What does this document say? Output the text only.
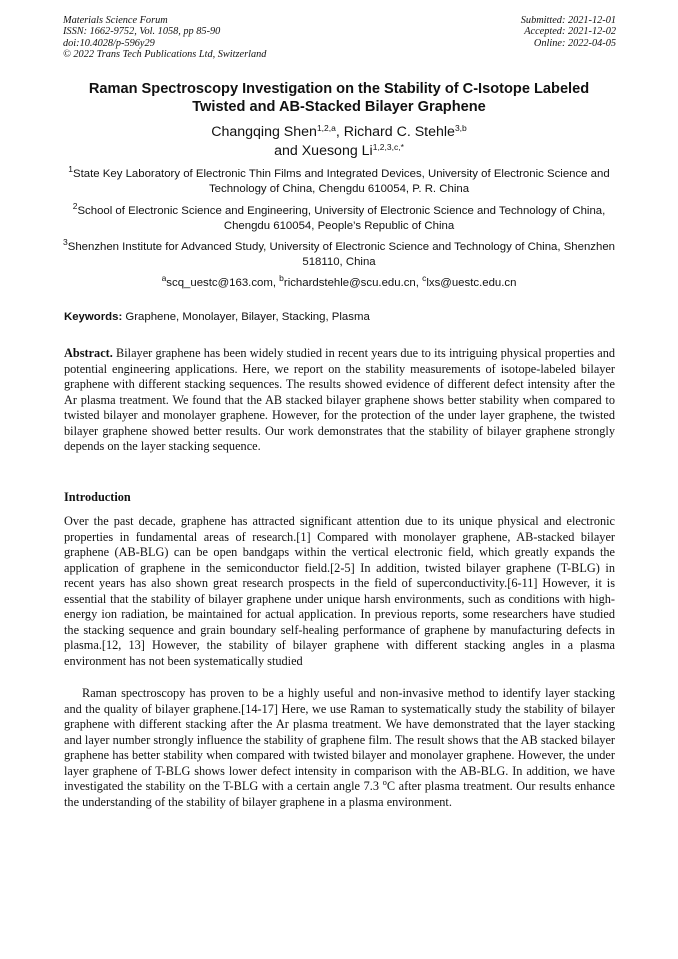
Materials Science Forum
ISSN: 1662-9752, Vol. 1058, pp 85-90
doi:10.4028/p-596y29
© 2022 Trans Tech Publications Ltd, Switzerland
Submitted: 2021-12-01
Accepted: 2021-12-02
Online: 2022-04-05
Raman Spectroscopy Investigation on the Stability of C-Isotope Labeled
Twisted and AB-Stacked Bilayer Graphene
Changqing Shen$^{1,2,a}$, Richard C. Stehle$^{3,b}$
and Xuesong $Li^{1,2,3,c,*}$
$^1$State Key Laboratory of Electronic Thin Films and Integrated Devices, University of Electronic Science and Technology of China, Chengdu 610054, P. R. China
$^2$School of Electronic Science and Engineering, University of Electronic Science and Technology of China, Chengdu 610054, People’s Republic of China
$^3$Shenzhen Institute for Advanced Study, University of Electronic Science and Technology of China, Shenzhen 518110, China
$^a$scq_uestc@163.com, $^b$richardstehle@scu.edu.cn, $^c$lxs@uestc.edu.cn
Keywords: Graphene, Monolayer, Bilayer, Stacking, Plasma
Abstract. Bilayer graphene has been widely studied in recent years due to its intriguing physical properties and potential engineering applications. Here, we report on the stability measurements of isotope-labeled bilayer graphene with different stacking sequences. The results showed evidence of different defect intensity after the Ar plasma treatment. We found that the AB stacked bilayer graphene shows better stability when compared to twisted bilayer and monolayer graphene. However, for the protection of the under layer graphene, the twisted bilayer graphene showed better results. Our work demonstrates that the stability of bilayer graphene strongly depends on the layer stacking sequence.
Introduction

Over the past decade, graphene has attracted significant attention due to its unique physical and electronic properties in fundamental areas of research.[1] Compared with monolayer graphene, AB-stacked bilayer graphene (AB-BLG) can be open bandgaps within the vertical electronic field, which greatly expands the application of graphene in the semiconductor field.[2-5] In addition, twisted bilayer graphene (T-BLG) in recent years has also shown great research prospects in the field of superconductivity.[6-11] However, it is essential that the stability of bilayer graphene under unique harsh environments, such as conditions with high-energy ion radiation, be maintained for actual application. In previous reports, some researchers have studied the stacking sequence and grain boundary self-healing performance of graphene by manufacturing defects in plasma.[12, 13] However, the stability of bilayer graphene with different stacking angles in a plasma environment has not been systematically studied

Raman spectroscopy has proven to be a highly useful and non-invasive method to identify layer stacking and the quality of bilayer graphene.[14-17] Here, we use Raman to systematically study the stability of bilayer graphene with different stacking after the Ar plasma treatment. We have demonstrated that the layer stacking and layer number strongly influence the stability of graphene film. The result shows that the AB stacked bilayer graphene has better stability when compared with twisted bilayer and monolayer graphene. However, the under layer graphene of T-BLG shows lower defect intensity in comparison with the AB-BLG. In addition, we have investigated the stability on the T-BLG with a certain angle 7.3 $^o$C after plasma treatment. Our results enhance the understanding of the stability of bilayer graphene in a plasma environment.
